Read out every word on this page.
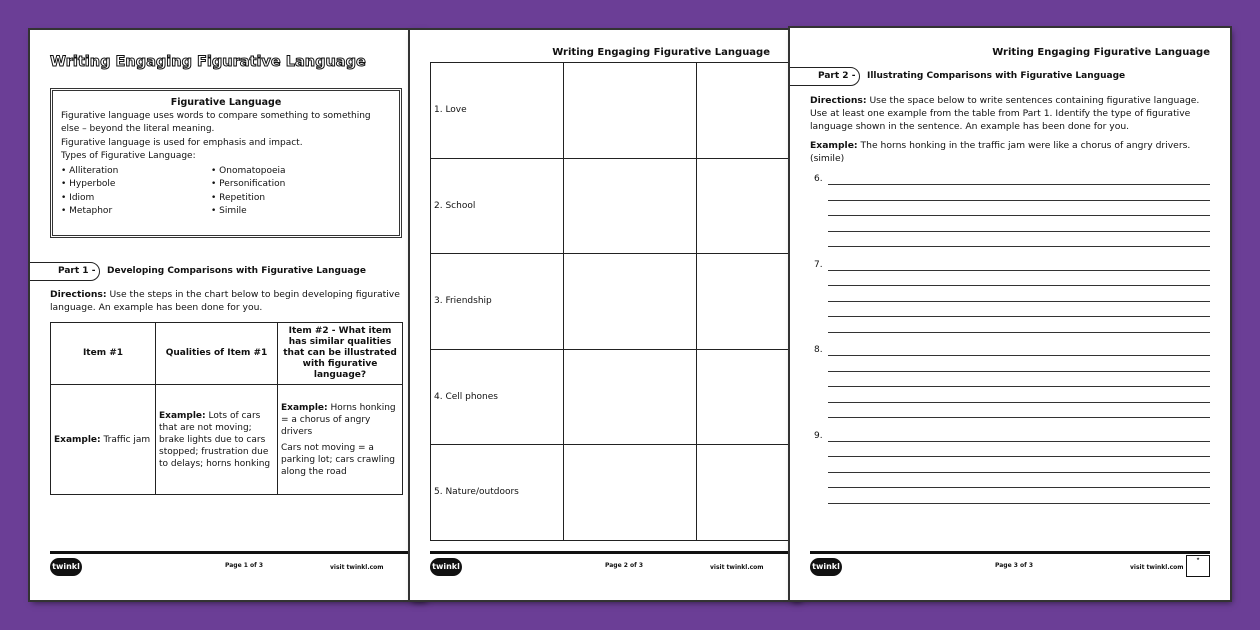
Writing Engaging Figurative Language
Figurative Language
Figurative language uses words to compare something to something else – beyond the literal meaning.
Figurative language is used for emphasis and impact.
Types of Figurative Language:

• Alliteration

• Hyperbole

• Idiom

• Metaphor

• Onomatopoeia

• Personification

• Repetition

• Simile

Part 1 -	Developing Comparisons with Figurative Language
Directions: Use the steps in the chart below to begin developing figurative language. An example has been done for you.
Item #1	Qualities of Item #1	Item #2 - What item has similar qualities that can be illustrated with figurative language?
Example: Traffic jam	Example: Lots of cars that are not moving; brake lights due to cars stopped; frustration due to delays; horns honking	Example: Horns honking = a chorus of angry drivers

Cars not moving = a parking lot; cars crawling along the road

twinkl	Page 1 of 3	visit twinkl.com
Writing Engaging Figurative Language
1. Love		
2. School		
3. Friendship		
4. Cell phones		
5. Nature/outdoors		
twinkl	Page 2 of 3	visit twinkl.com
Writing Engaging Figurative Language
Part 2 -	Illustrating Comparisons with Figurative Language
Directions: Use the space below to write sentences containing figurative language. Use at least one example from the table from Part 1. Identify the type of figurative language shown in the sentence. An example has been done for you.
Example: The horns honking in the traffic jam were like a chorus of angry drivers. (simile)
6.
7.
8.
9.
twinkl	Page 3 of 3	visit twinkl.com
★
